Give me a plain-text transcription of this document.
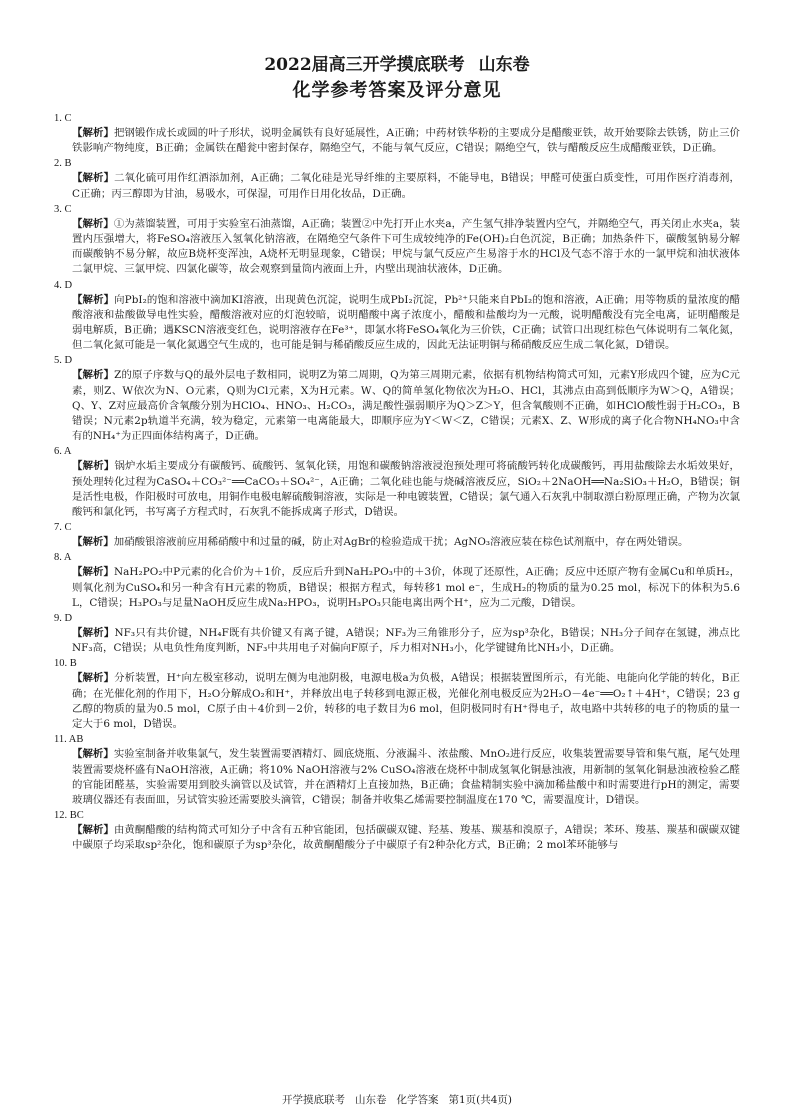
2022届高三开学摸底联考 山东卷
化学参考答案及评分意见
1. C
【解析】把钢锻作成长或圆的叶子形状，说明金属铁有良好延展性，A正确；中药材铁华粉的主要成分是醋酸亚铁，故开始要除去铁锈，防止三价铁影响产物纯度，B正确；金属铁在醋瓮中密封保存，隔绝空气，不能与氧气反应，C错误；隔绝空气，铁与醋酸反应生成醋酸亚铁，D正确。
2. B
【解析】二氧化硫可用作红酒添加剂，A正确；二氧化硅是光导纤维的主要原料，不能导电，B错误；甲醛可使蛋白质变性，可用作医疗消毒剂，C正确；丙三醇即为甘油，易吸水，可保湿，可用作日用化妆品，D正确。
3. C
【解析】①为蒸馏装置，可用于实验室石油蒸馏，A正确；装置②中先打开止水夹a，产生氢气排净装置内空气，并隔绝空气，再关闭止水夹a，装置内压强增大，将FeSO₄溶液压入氢氧化钠溶液，在隔绝空气条件下可生成较纯净的Fe(OH)₂白色沉淀，B正确；加热条件下，碳酸氢钠易分解而碳酸钠不易分解，故应B烧杯变浑浊，A烧杯无明显现象，C错误；甲烷与氯气反应产生易溶于水的HCl及气态不溶于水的一氯甲烷和油状液体二氯甲烷、三氯甲烷、四氯化碳等，故会观察到量筒内液面上升，内壁出现油状液体，D正确。
4. D
【解析】向PbI₂的饱和溶液中滴加KI溶液，出现黄色沉淀，说明生成PbI₂沉淀，Pb²⁺只能来自PbI₂的饱和溶液，A正确；用等物质的量浓度的醋酸溶液和盐酸做导电性实验，醋酸溶液对应的灯泡较暗，说明醋酸中离子浓度小，醋酸和盐酸均为一元酸，说明醋酸没有完全电离，证明醋酸是弱电解质，B正确；遇KSCN溶液变红色，说明溶液存在Fe³⁺，即氯水将FeSO₄氧化为三价铁，C正确；试管口出现红棕色气体说明有二氧化氮，但二氧化氮可能是一氧化氮遇空气生成的，也可能是铜与稀硝酸反应生成的，因此无法证明铜与稀硝酸反应生成二氧化氮，D错误。
5. D
【解析】Z的原子序数与Q的最外层电子数相同，说明Z为第二周期，Q为第三周期元素，依据有机物结构简式可知，元素Y形成四个键，应为C元素，则Z、W依次为N、O元素，Q则为Cl元素，X为H元素。W、Q的简单氢化物依次为H₂O、HCl，其沸点由高到低顺序为W＞Q，A错误；Q、Y、Z对应最高价含氧酸分别为HClO₄、HNO₃、H₂CO₃，满足酸性强弱顺序为Q＞Z＞Y，但含氧酸则不正确，如HClO酸性弱于H₂CO₃，B错误；N元素2p轨道半充满，较为稳定，元素第一电离能最大，即顺序应为Y＜W＜Z，C错误；元素X、Z、W形成的离子化合物NH₄NO₃中含有的NH₄⁺为正四面体结构离子，D正确。
6. A
【解析】锅炉水垢主要成分有碳酸钙、硫酸钙、氢氧化镁，用饱和碳酸钠溶液浸泡预处理可将硫酸钙转化成碳酸钙，再用盐酸除去水垢效果好，预处理转化过程为CaSO₄＋CO₃²⁻══CaCO₃＋SO₄²⁻，A正确；二氧化硅也能与烧碱溶液反应，SiO₂＋2NaOH══Na₂SiO₃＋H₂O，B错误；铜是活性电极，作阳极时可放电，用铜作电极电解硫酸铜溶液，实际是一种电镀装置，C错误；氯气通入石灰乳中制取漂白粉原理正确，产物为次氯酸钙和氯化钙，书写离子方程式时，石灰乳不能拆成离子形式，D错误。
7. C
【解析】加硝酸银溶液前应用稀硝酸中和过量的碱，防止对AgBr的检验造成干扰；AgNO₃溶液应装在棕色试剂瓶中，存在两处错误。
8. A
【解析】NaH₂PO₂中P元素的化合价为＋1价，反应后升到NaH₂PO₃中的＋3价，体现了还原性，A正确；反应中还原产物有金属Cu和单质H₂，则氧化剂为CuSO₄和另一种含有H元素的物质，B错误；根据方程式，每转移1 mol e⁻，生成H₂的物质的量为0.25 mol，标况下的体积为5.6 L，C错误；H₃PO₃与足量NaOH反应生成Na₂HPO₃，说明H₃PO₃只能电离出两个H⁺，应为二元酸，D错误。
9. D
【解析】NF₃只有共价键，NH₄F既有共价键又有离子键，A错误；NF₃为三角锥形分子，应为sp³杂化，B错误；NH₃分子间存在氢键，沸点比NF₃高，C错误；从电负性角度判断，NF₃中共用电子对偏向F原子，斥力相对NH₃小，化学键键角比NH₃小，D正确。
10. B
【解析】分析装置，H⁺向左极室移动，说明左侧为电池阴极，电源电极a为负极，A错误；根据装置图所示，有光能、电能向化学能的转化，B正确；在光催化剂的作用下，H₂O分解成O₂和H⁺，并释放出电子转移到电源正极，光催化剂电极反应为2H₂O－4e⁻══O₂↑＋4H⁺，C错误；23 g乙醇的物质的量为0.5 mol，C原子由＋4价到－2价，转移的电子数目为6 mol，但阴极同时有H⁺得电子，故电路中共转移的电子的物质的量一定大于6 mol，D错误。
11. AB
【解析】实验室制备并收集氯气，发生装置需要酒精灯、圆底烧瓶、分液漏斗、浓盐酸、MnO₂进行反应，收集装置需要导管和集气瓶，尾气处理装置需要烧杯盛有NaOH溶液，A正确；将10% NaOH溶液与2% CuSO₄溶液在烧杯中制成氢氧化铜悬浊液，用新制的氢氧化铜悬浊液检验乙醛的官能团醛基，实验需要用到胶头滴管以及试管，并在酒精灯上直接加热，B正确；食盐精制实验中滴加稀盐酸中和时需要进行pH的测定，需要玻璃仪器还有表面皿，另试管实验还需要胶头滴管，C错误；制备并收集乙烯需要控制温度在170 ℃，需要温度计，D错误。
12. BC
【解析】由黄酮醋酸的结构简式可知分子中含有五种官能团，包括碳碳双键、羟基、羧基、羰基和溴原子，A错误；苯环、羧基、羰基和碳碳双键中碳原子均采取sp²杂化，饱和碳原子为sp³杂化，故黄酮醋酸分子中碳原子有2种杂化方式，B正确；2 mol苯环能够与
开学摸底联考 山东卷 化学答案 第1页(共4页)
